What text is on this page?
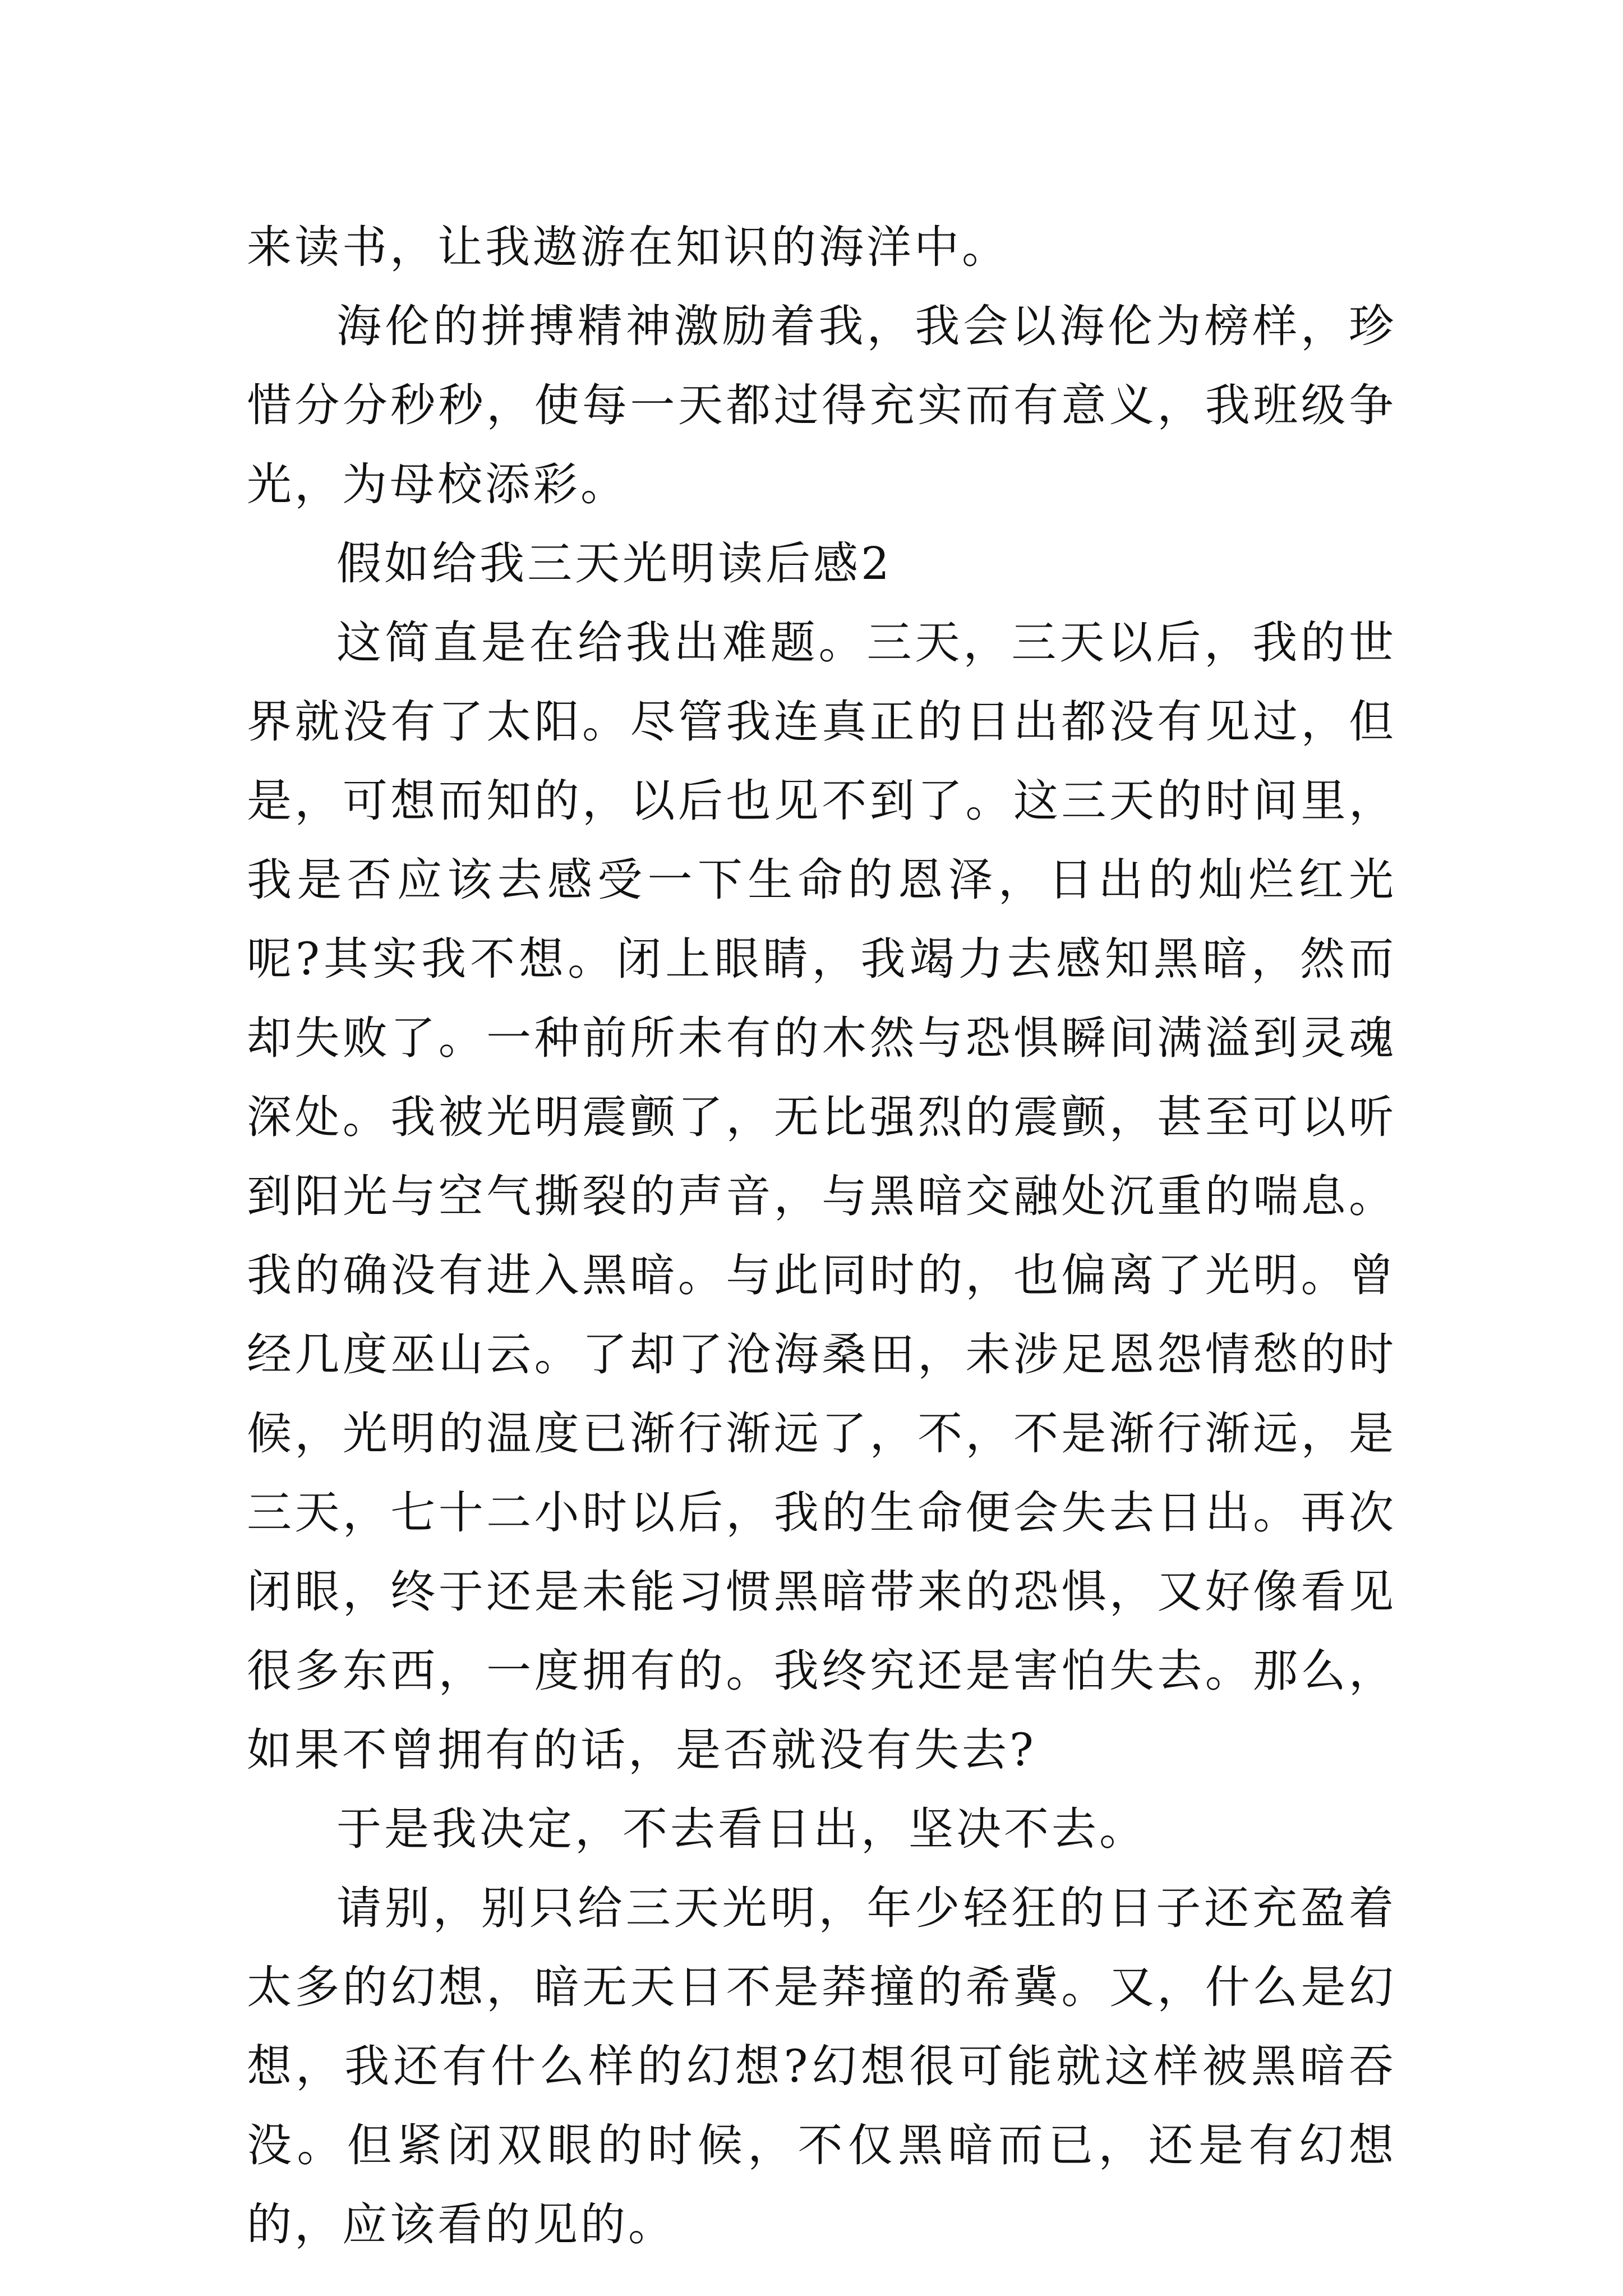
来读书，让我遨游在知识的海洋中。

海伦的拼搏精神激励着我，我会以海伦为榜样，珍惜分分秒秒，使每一天都过得充实而有意义，我班级争光，为母校添彩。

假如给我三天光明读后感2

这简直是在给我出难题。三天，三天以后，我的世界就没有了太阳。尽管我连真正的日出都没有见过，但是，可想而知的，以后也见不到了。这三天的时间里，我是否应该去感受一下生命的恩泽，日出的灿烂红光呢?其实我不想。闭上眼睛，我竭力去感知黑暗，然而却失败了。一种前所未有的木然与恐惧瞬间满溢到灵魂深处。我被光明震颤了，无比强烈的震颤，甚至可以听到阳光与空气撕裂的声音，与黑暗交融处沉重的喘息。我的确没有进入黑暗。与此同时的，也偏离了光明。曾经几度巫山云。了却了沧海桑田，未涉足恩怨情愁的时候，光明的温度已渐行渐远了，不，不是渐行渐远，是三天，七十二小时以后，我的生命便会失去日出。再次闭眼，终于还是未能习惯黑暗带来的恐惧，又好像看见很多东西，一度拥有的。我终究还是害怕失去。那么，如果不曾拥有的话，是否就没有失去?

于是我决定，不去看日出，坚决不去。

请别，别只给三天光明，年少轻狂的日子还充盈着太多的幻想，暗无天日不是莽撞的希冀。又，什么是幻想，我还有什么样的幻想?幻想很可能就这样被黑暗吞没。但紧闭双眼的时候，不仅黑暗而已，还是有幻想的，应该看的见的。
